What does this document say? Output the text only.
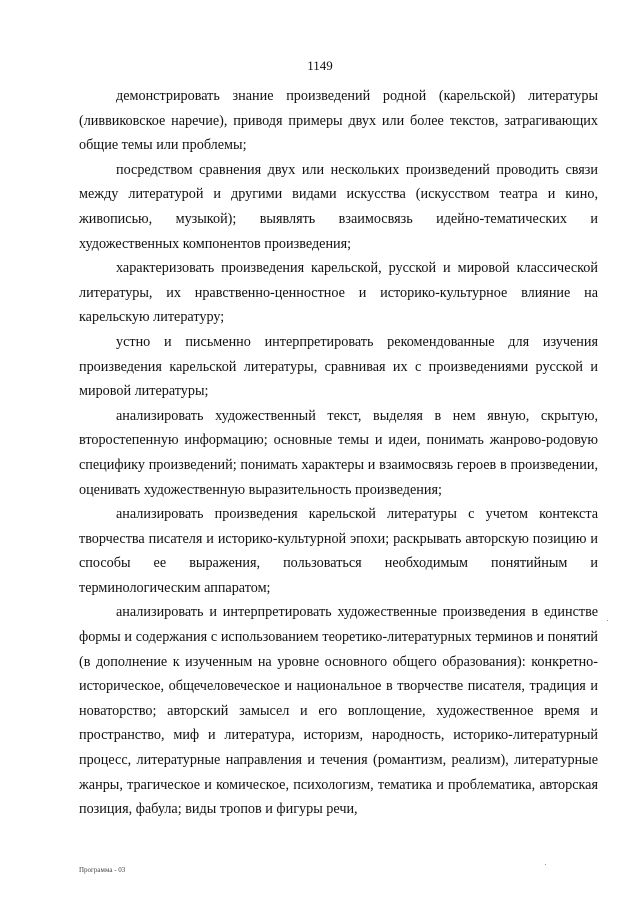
1149

демонстрировать знание произведений родной (карельской) литературы (ливвиковское наречие), приводя примеры двух или более текстов, затрагивающих общие темы или проблемы;

посредством сравнения двух или нескольких произведений проводить связи между литературой и другими видами искусства (искусством театра и кино, живописью, музыкой); выявлять взаимосвязь идейно-тематических и художественных компонентов произведения;

характеризовать произведения карельской, русской и мировой классической литературы, их нравственно-ценностное и историко-культурное влияние на карельскую литературу;

устно и письменно интерпретировать рекомендованные для изучения произведения карельской литературы, сравнивая их с произведениями русской и мировой литературы;

анализировать художественный текст, выделяя в нем явную, скрытую, второстепенную информацию; основные темы и идеи, понимать жанрово-родовую специфику произведений; понимать характеры и взаимосвязь героев в произведении, оценивать художественную выразительность произведения;

анализировать произведения карельской литературы с учетом контекста творчества писателя и историко-культурной эпохи; раскрывать авторскую позицию и способы ее выражения, пользоваться необходимым понятийным и терминологическим аппаратом;

анализировать и интерпретировать художественные произведения в единстве формы и содержания с использованием теоретико-литературных терминов и понятий (в дополнение к изученным на уровне основного общего образования): конкретно-историческое, общечеловеческое и национальное в творчестве писателя, традиция и новаторство; авторский замысел и его воплощение, художественное время и пространство, миф и литература, историзм, народность, историко-литературный процесс, литературные направления и течения (романтизм, реализм), литературные жанры, трагическое и комическое, психологизм, тематика и проблематика, авторская позиция, фабула; виды тропов и фигуры речи,

Программа - 03
